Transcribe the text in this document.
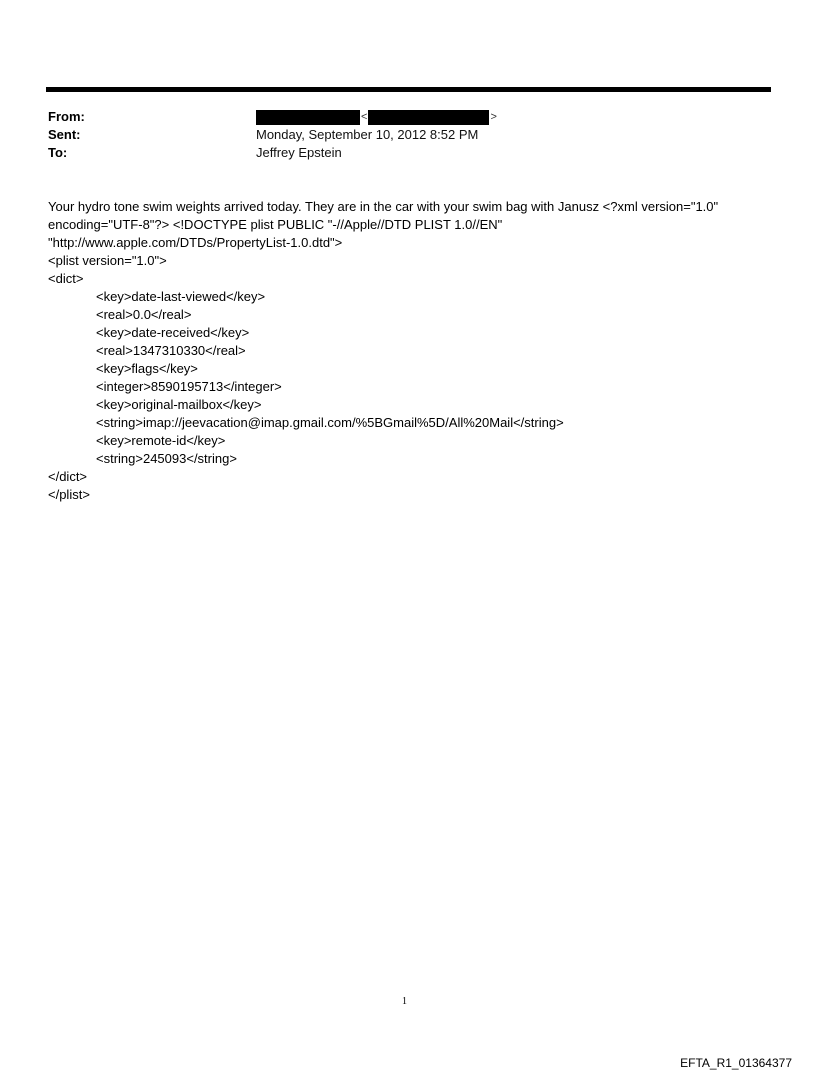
From:	<	>
Sent:	Monday, September 10, 2012 8:52 PM
To:	Jeffrey Epstein
Your hydro tone swim weights arrived today. They are in the car with your swim bag with Janusz <?xml version="1.0"
encoding="UTF-8"?> <!DOCTYPE plist PUBLIC "-//Apple//DTD PLIST 1.0//EN"
"http://www.apple.com/DTDs/PropertyList-1.0.dtd">
<plist version="1.0">
<dict>
<key>date-last-viewed</key>
<real>0.0</real>
<key>date-received</key>
<real>1347310330</real>
<key>flags</key>
<integer>8590195713</integer>
<key>original-mailbox</key>
<string>imap://jeevacation@imap.gmail.com/%5BGmail%5D/All%20Mail</string>
<key>remote-id</key>
<string>245093</string>
</dict>
</plist>
1
EFTA_R1_01364377
